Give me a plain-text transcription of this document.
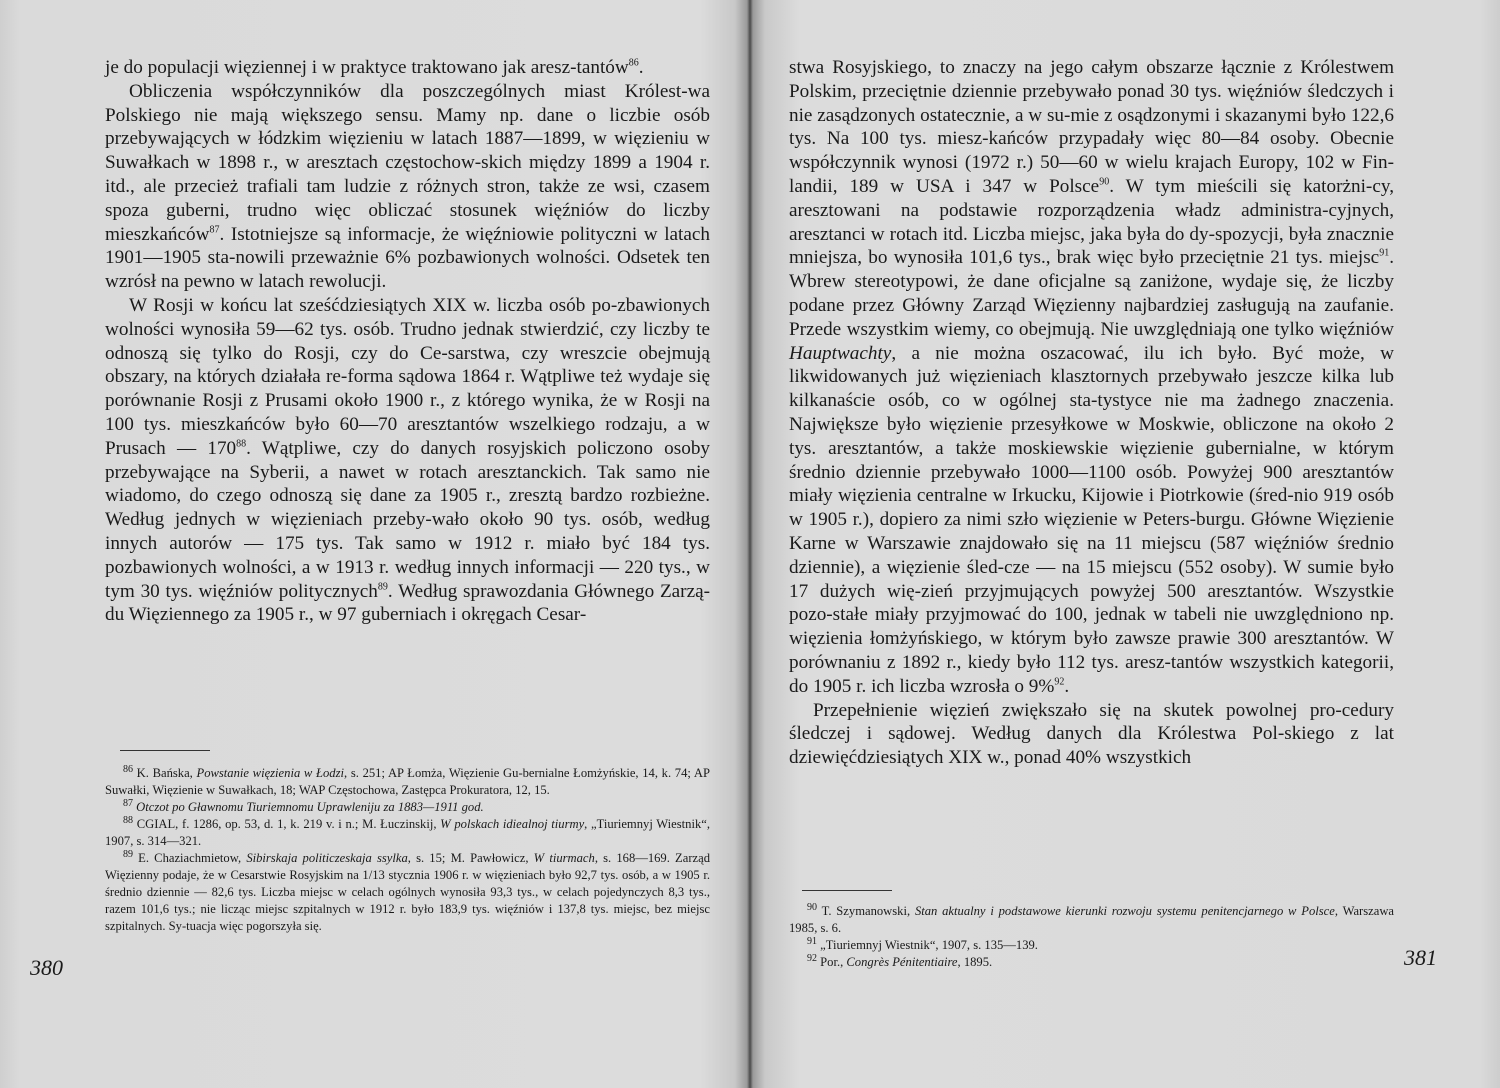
je do populacji więziennej i w praktyce traktowano jak aresz-tantów$^{86}$.

Obliczenia współczynników dla poszczególnych miast Królest-wa Polskiego nie mają większego sensu. Mamy np. dane o liczbie osób przebywających w łódzkim więzieniu w latach 1887—1899, w więzieniu w Suwałkach w 1898 r., w aresztach częstochow-skich między 1899 a 1904 r. itd., ale przecież trafiali tam ludzie z różnych stron, także ze wsi, czasem spoza guberni, trudno więc obliczać stosunek więźniów do liczby mieszkańców$^{87}$. Istotniejsze są informacje, że więźniowie polityczni w latach 1901—1905 sta-nowili przeważnie 6% pozbawionych wolności. Odsetek ten wzrósł na pewno w latach rewolucji.

W Rosji w końcu lat sześćdziesiątych XIX w. liczba osób po-zbawionych wolności wynosiła 59—62 tys. osób. Trudno jednak stwierdzić, czy liczby te odnoszą się tylko do Rosji, czy do Ce-sarstwa, czy wreszcie obejmują obszary, na których działała re-forma sądowa 1864 r. Wątpliwe też wydaje się porównanie Rosji z Prusami około 1900 r., z którego wynika, że w Rosji na 100 tys. mieszkańców było 60—70 aresztantów wszelkiego rodzaju, a w Prusach — $170^{88}$. Wątpliwe, czy do danych rosyjskich policzono osoby przebywające na Syberii, a nawet w rotach aresztanckich. Tak samo nie wiadomo, do czego odnoszą się dane za 1905 r., zresztą bardzo rozbieżne. Według jednych w więzieniach przeby-wało około 90 tys. osób, według innych autorów — 175 tys. Tak samo w 1912 r. miało być 184 tys. pozbawionych wolności, a w 1913 r. według innych informacji — 220 tys., w tym 30 tys. więźniów politycznych$^{89}$. Według sprawozdania Głównego Zarzą-du Więziennego za 1905 r., w 97 guberniach i okręgach Cesar-

$^{86}$ K. Bańska, Powstanie więzienia w Łodzi, s. 251; AP Łomża, Więzienie Gu-bernialne Łomżyńskie, 14, k. 74; AP Suwałki, Więzienie w Suwałkach, 18; WAP Częstochowa, Zastępca Prokuratora, 12, 15.

$^{87}$ Otczot po Gławnomu Tiuriemnomu Uprawleniju za 1883—1911 god.

$^{88}$ CGIAL, f. 1286, op. 53, d. 1, k. 219 v. i n.; M. Łuczinskij, W polskach idiealnoj tiurmy, „Tiuriemnyj Wiestnik“, 1907, s. 314—321.

$^{89}$ E. Chaziachmietow, Sibirskaja politiczeskaja ssylka, s. 15; M. Pawłowicz, W tiurmach, s. 168—169. Zarząd Więzienny podaje, że w Cesarstwie Rosyjskim na 1/13 stycznia 1906 r. w więzieniach było 92,7 tys. osób, a w 1905 r. średnio dziennie — 82,6 tys. Liczba miejsc w celach ogólnych wynosiła 93,3 tys., w celach pojedynczych 8,3 tys., razem 101,6 tys.; nie licząc miejsc szpitalnych w 1912 r. było 183,9 tys. więźniów i 137,8 tys. miejsc, bez miejsc szpitalnych. Sy-tuacja więc pogorszyła się.

380

stwa Rosyjskiego, to znaczy na jego całym obszarze łącznie z Królestwem Polskim, przeciętnie dziennie przebywało ponad 30 tys. więźniów śledczych i nie zasądzonych ostatecznie, a w su-mie z osądzonymi i skazanymi było 122,6 tys. Na 100 tys. miesz-kańców przypadały więc 80—84 osoby. Obecnie współczynnik wynosi (1972 r.) 50—60 w wielu krajach Europy, 102 w Fin-landii, 189 w USA i 347 w Polsce$^{90}$. W tym mieścili się katorżni-cy, aresztowani na podstawie rozporządzenia władz administra-cyjnych, aresztanci w rotach itd. Liczba miejsc, jaka była do dy-spozycji, była znacznie mniejsza, bo wynosiła 101,6 tys., brak więc było przeciętnie 21 tys. miejsc$^{91}$. Wbrew stereotypowi, że dane oficjalne są zaniżone, wydaje się, że liczby podane przez Główny Zarząd Więzienny najbardziej zasługują na zaufanie. Przede wszystkim wiemy, co obejmują. Nie uwzględniają one tylko więźniów Hauptwachty, a nie można oszacować, ilu ich było. Być może, w likwidowanych już więzieniach klasztornych przebywało jeszcze kilka lub kilkanaście osób, co w ogólnej sta-tystyce nie ma żadnego znaczenia. Największe było więzienie przesyłkowe w Moskwie, obliczone na około 2 tys. aresztantów, a także moskiewskie więzienie gubernialne, w którym średnio dziennie przebywało 1000—1100 osób. Powyżej 900 aresztantów miały więzienia centralne w Irkucku, Kijowie i Piotrkowie (śred-nio 919 osób w 1905 r.), dopiero za nimi szło więzienie w Peters-burgu. Główne Więzienie Karne w Warszawie znajdowało się na 11 miejscu (587 więźniów średnio dziennie), a więzienie śled-cze — na 15 miejscu (552 osoby). W sumie było 17 dużych wię-zień przyjmujących powyżej 500 aresztantów. Wszystkie pozo-stałe miały przyjmować do 100, jednak w tabeli nie uwzględniono np. więzienia łomżyńskiego, w którym było zawsze prawie 300 aresztantów. W porównaniu z 1892 r., kiedy było 112 tys. aresz-tantów wszystkich kategorii, do 1905 r. ich liczba wzrosła o 9%$^{92}$.

Przepełnienie więzień zwiększało się na skutek powolnej pro-cedury śledczej i sądowej. Według danych dla Królestwa Pol-skiego z lat dziewięćdziesiątych XIX w., ponad 40% wszystkich

$^{90}$ T. Szymanowski, Stan aktualny i podstawowe kierunki rozwoju systemu penitencjarnego w Polsce, Warszawa 1985, s. 6.

$^{91}$ „Tiuriemnyj Wiestnik“, 1907, s. 135—139.

$^{92}$ Por., Congrès Pénitentiaire, 1895.	381
